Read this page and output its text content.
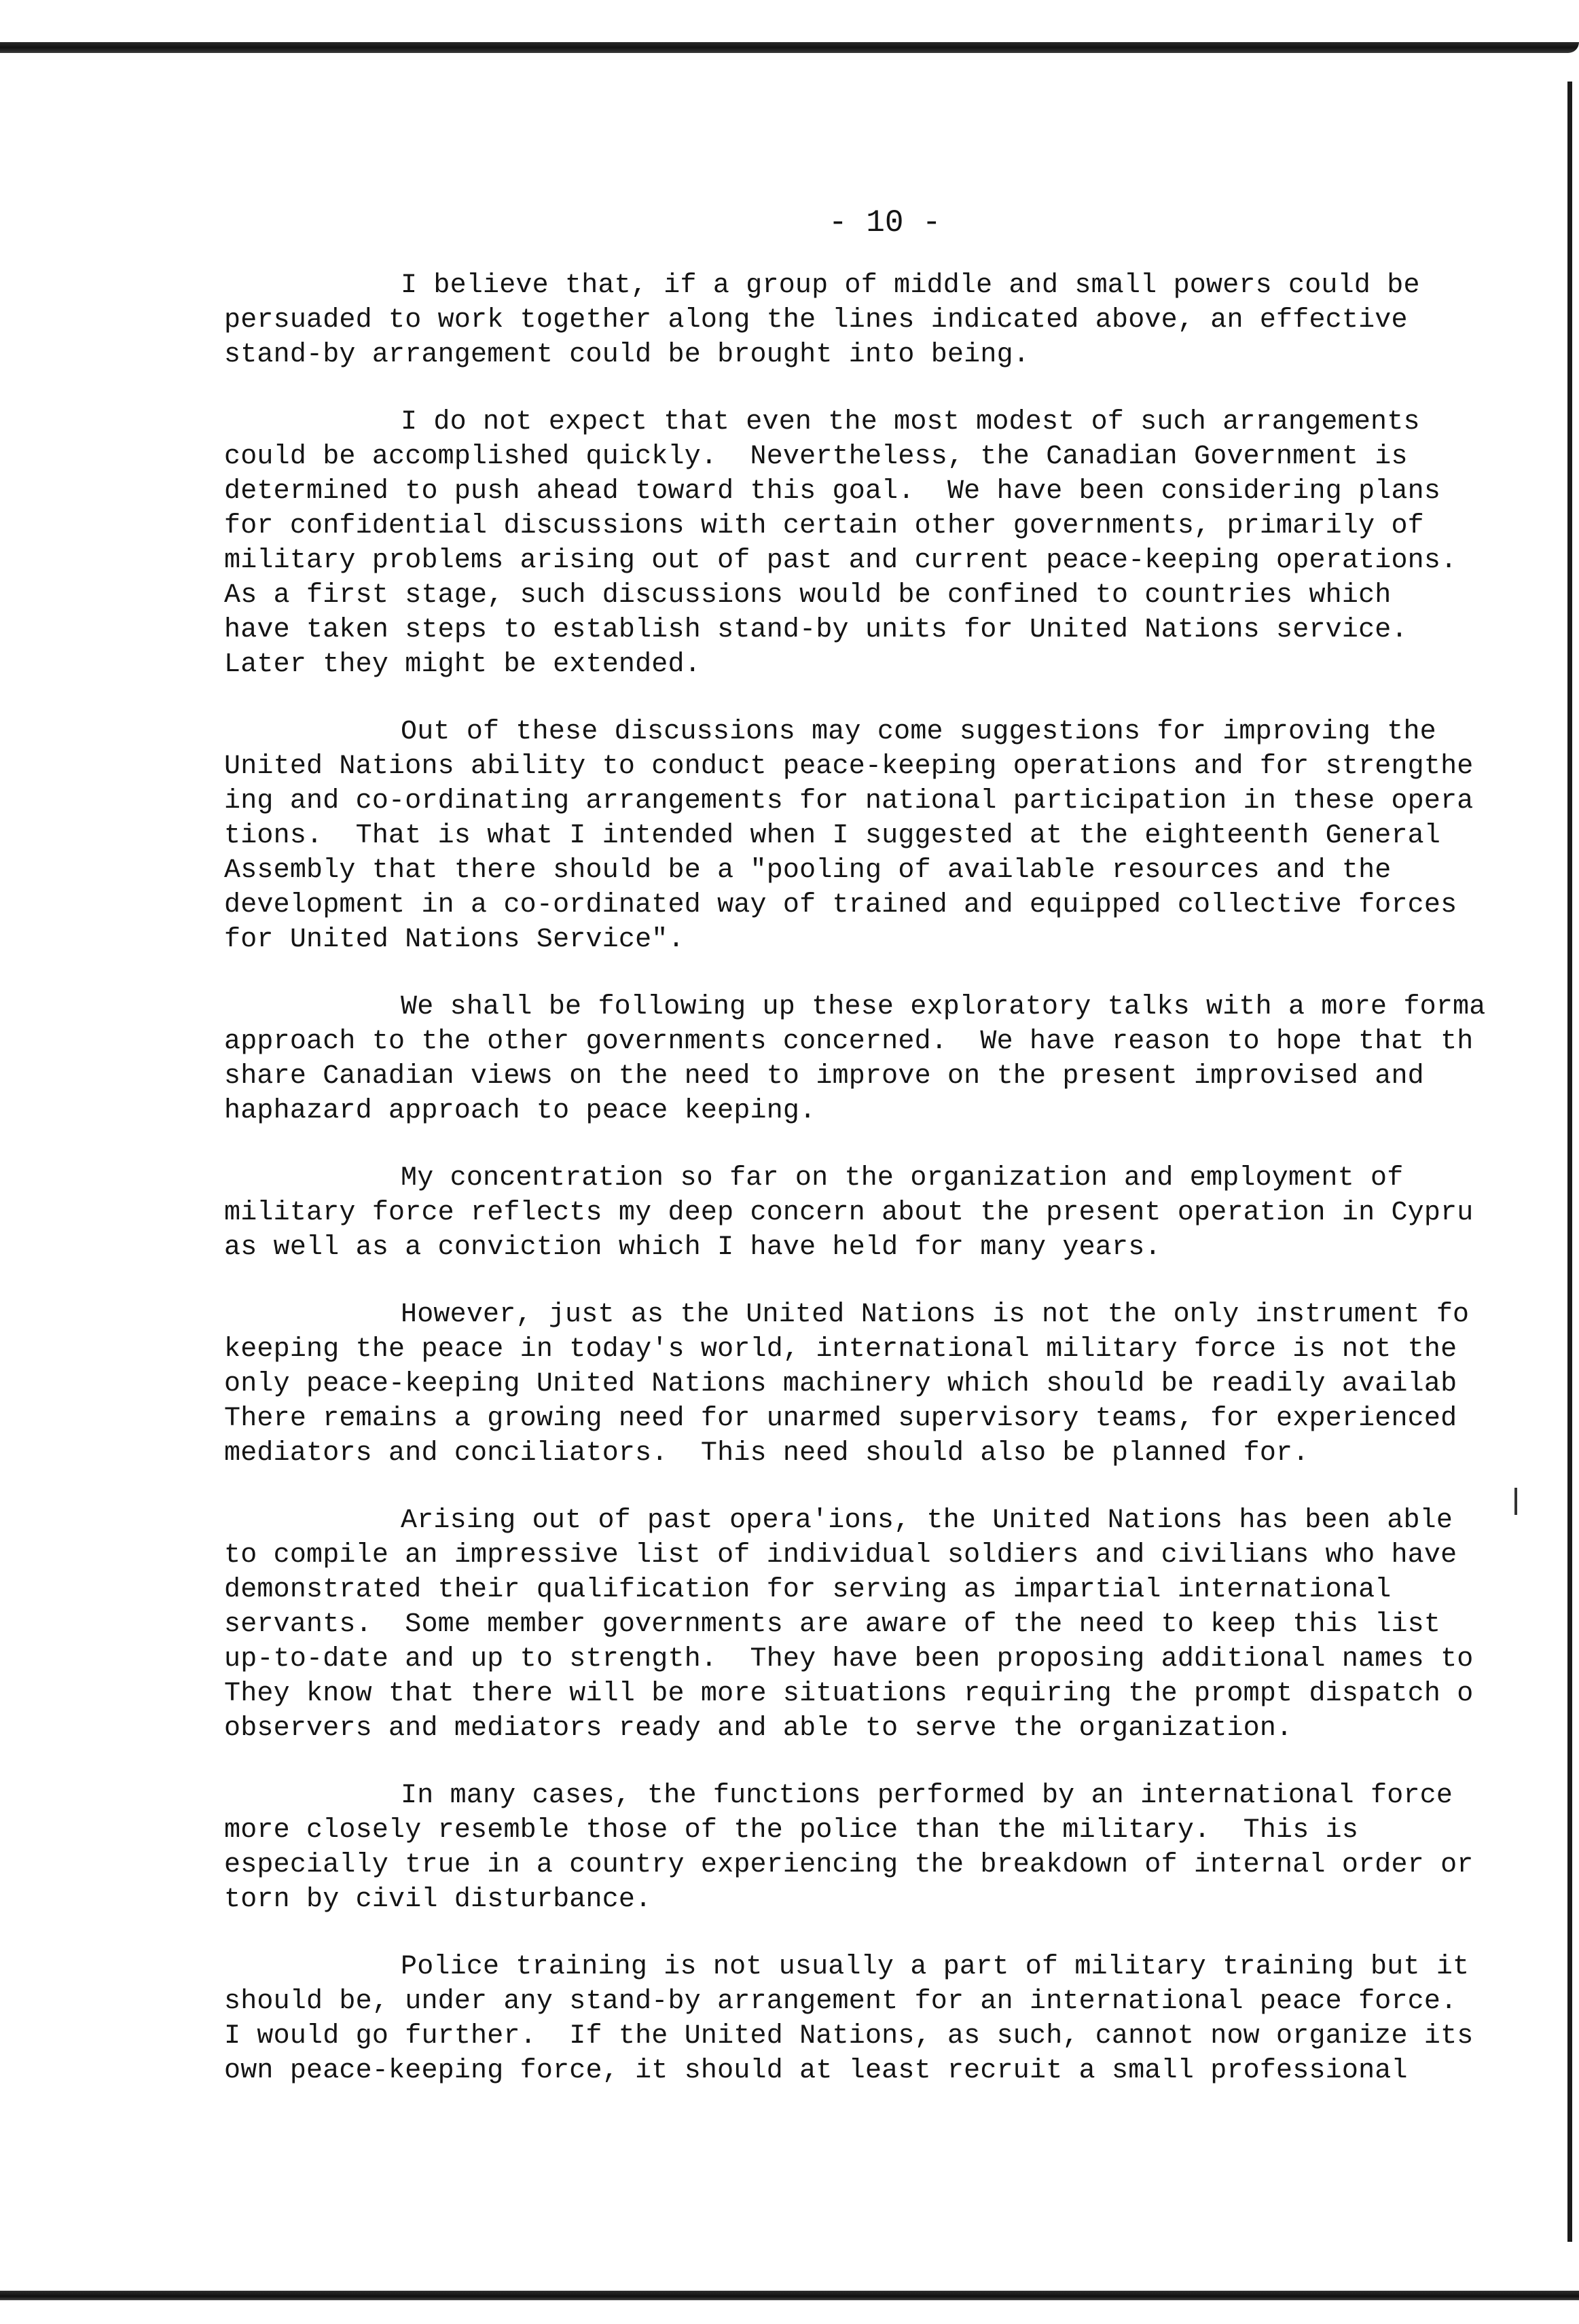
- 10 -
I believe that, if a group of middle and small powers could be
persuaded to work together along the lines indicated above, an effective
stand-by arrangement could be brought into being.
I do not expect that even the most modest of such arrangements
could be accomplished quickly.  Nevertheless, the Canadian Government is
determined to push ahead toward this goal.  We have been considering plans
for confidential discussions with certain other governments, primarily of
military problems arising out of past and current peace-keeping operations.
As a first stage, such discussions would be confined to countries which
have taken steps to establish stand-by units for United Nations service.
Later they might be extended.
Out of these discussions may come suggestions for improving the
United Nations ability to conduct peace-keeping operations and for strengthe
ing and co-ordinating arrangements for national participation in these opera
tions.  That is what I intended when I suggested at the eighteenth General
Assembly that there should be a "pooling of available resources and the
development in a co-ordinated way of trained and equipped collective forces
for United Nations Service".
We shall be following up these exploratory talks with a more forma
approach to the other governments concerned.  We have reason to hope that th
share Canadian views on the need to improve on the present improvised and
haphazard approach to peace keeping.
My concentration so far on the organization and employment of
military force reflects my deep concern about the present operation in Cypru
as well as a conviction which I have held for many years.
However, just as the United Nations is not the only instrument fo
keeping the peace in today's world, international military force is not the
only peace-keeping United Nations machinery which should be readily availab
There remains a growing need for unarmed supervisory teams, for experienced
mediators and conciliators.  This need should also be planned for.
Arising out of past opera'ions, the United Nations has been able
to compile an impressive list of individual soldiers and civilians who have
demonstrated their qualification for serving as impartial international
servants.  Some member governments are aware of the need to keep this list
up-to-date and up to strength.  They have been proposing additional names to
They know that there will be more situations requiring the prompt dispatch o
observers and mediators ready and able to serve the organization.
In many cases, the functions performed by an international force
more closely resemble those of the police than the military.  This is
especially true in a country experiencing the breakdown of internal order or
torn by civil disturbance.
Police training is not usually a part of military training but it
should be, under any stand-by arrangement for an international peace force.
I would go further.  If the United Nations, as such, cannot now organize its
own peace-keeping force, it should at least recruit a small professional
